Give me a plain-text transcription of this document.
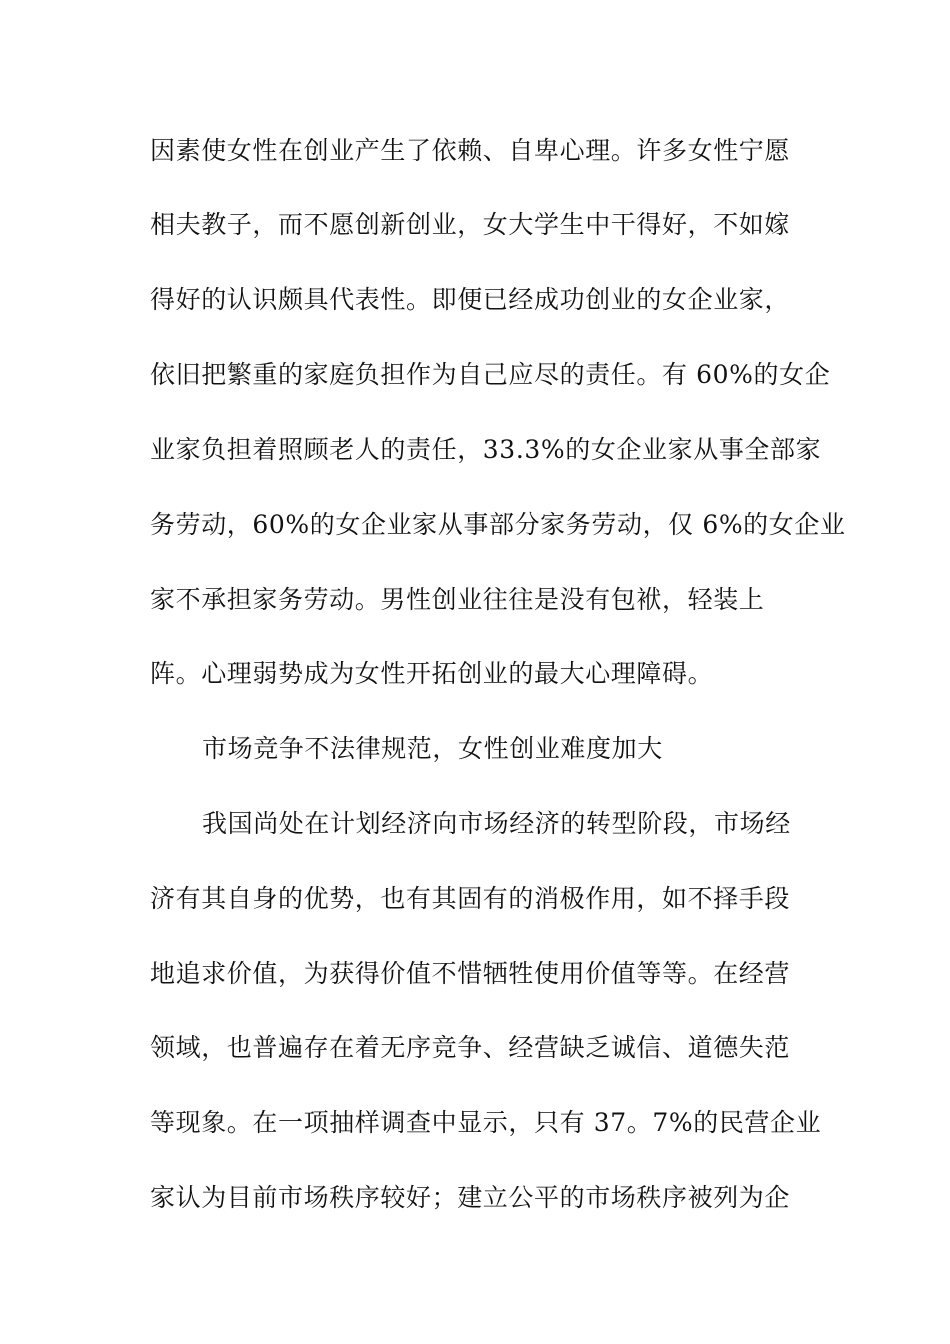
因素使女性在创业产生了依赖、自卑心理。许多女性宁愿
相夫教子，而不愿创新创业，女大学生中干得好，不如嫁
得好的认识颇具代表性。即便已经成功创业的女企业家，
依旧把繁重的家庭负担作为自己应尽的责任。有 60%的女企
业家负担着照顾老人的责任，33.3%的女企业家从事全部家
务劳动，60%的女企业家从事部分家务劳动，仅 6%的女企业
家不承担家务劳动。男性创业往往是没有包袱，轻装上
阵。心理弱势成为女性开拓创业的最大心理障碍。
市场竞争不法律规范，女性创业难度加大
我国尚处在计划经济向市场经济的转型阶段，市场经
济有其自身的优势，也有其固有的消极作用，如不择手段
地追求价值，为获得价值不惜牺牲使用价值等等。在经营
领域，也普遍存在着无序竞争、经营缺乏诚信、道德失范
等现象。在一项抽样调查中显示，只有 37。7%的民营企业
家认为目前市场秩序较好；建立公平的市场秩序被列为企
